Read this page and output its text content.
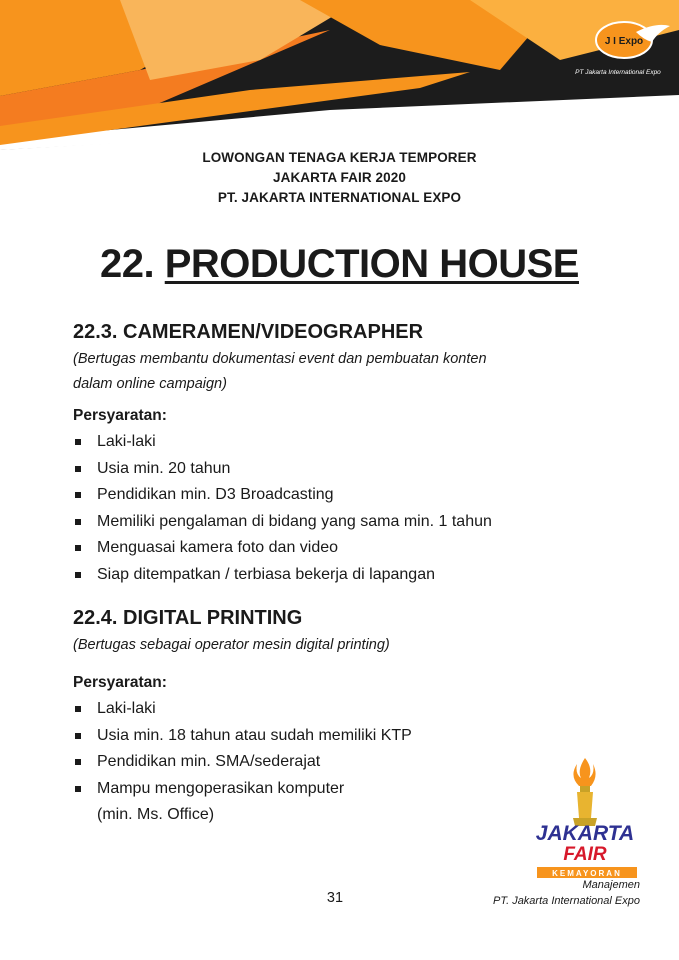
J I Expo
PT Jakarta International Expo
LOWONGAN TENAGA KERJA TEMPORER
JAKARTA FAIR 2020
PT. JAKARTA INTERNATIONAL EXPO
22. PRODUCTION HOUSE
22.3. CAMERAMEN/VIDEOGRAPHER
(Bertugas membantu dokumentasi event dan pembuatan konten
dalam online campaign)
Persyaratan:
Laki-laki
Usia min. 20 tahun
Pendidikan min. D3 Broadcasting
Memiliki pengalaman di bidang yang sama min. 1 tahun
Menguasai kamera foto dan video
Siap ditempatkan / terbiasa bekerja di lapangan
22.4. DIGITAL PRINTING
(Bertugas sebagai operator mesin digital printing)
Persyaratan:
Laki-laki
Usia min. 18 tahun atau sudah memiliki KTP
Pendidikan min. SMA/sederajat
Mampu mengoperasikan komputer
(min. Ms. Office)
31
JAKARTA
FAIR
KEMAYORAN
Manajemen
PT. Jakarta International Expo
